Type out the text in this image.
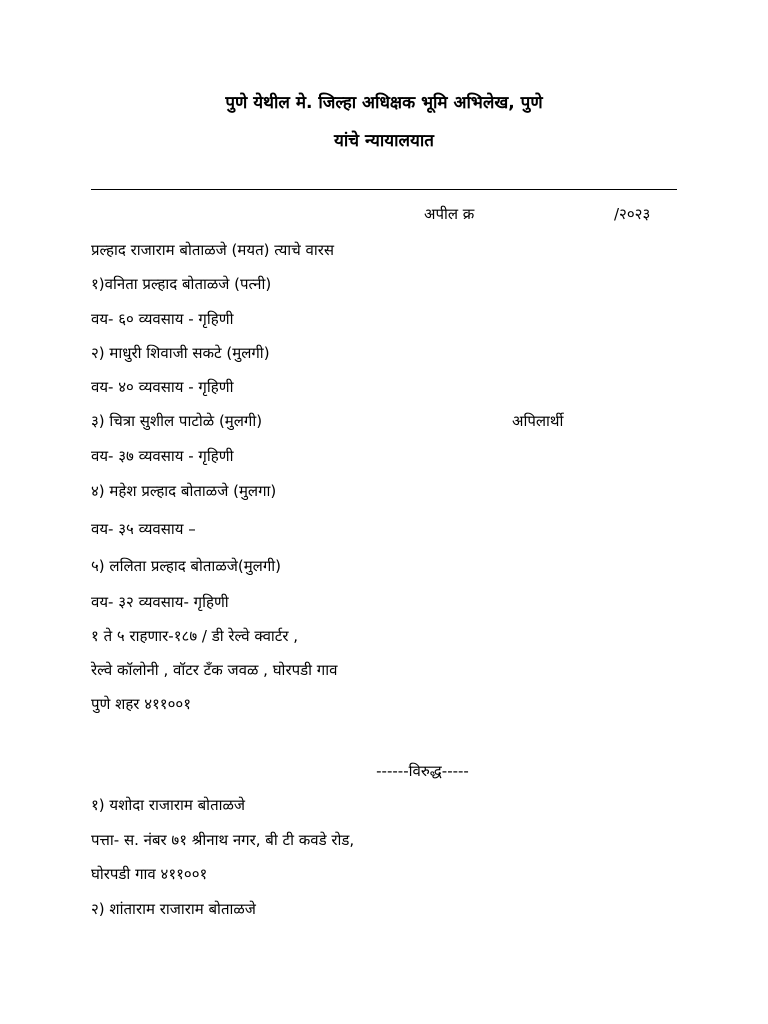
पुणे येथील मे. जिल्हा अधिक्षक भूमि अभिलेख, पुणे
यांचे न्यायालयात
अपील क्र	/२०२३
प्रल्हाद राजाराम बोताळजे (मयत) त्याचे वारस
१)वनिता प्रल्हाद बोताळजे (पत्नी)
वय- ६० व्यवसाय - गृहिणी
२) माधुरी शिवाजी सकटे (मुलगी)
वय- ४० व्यवसाय - गृहिणी
३) चित्रा सुशील पाटोळे (मुलगी)	अपिलार्थी
वय- ३७ व्यवसाय - गृहिणी
४) महेश प्रल्हाद बोताळजे (मुलगा)
वय- ३५ व्यवसाय –
५) ललिता प्रल्हाद बोताळजे(मुलगी)
वय- ३२ व्यवसाय- गृहिणी
१ ते ५ राहणार-१८७ / डी रेल्वे क्वार्टर ,
रेल्वे कॉलोनी , वॉटर टँक जवळ , घोरपडी गाव
पुणे शहर ४११००१
------विरुद्ध-----
१) यशोदा राजाराम बोताळजे
पत्ता- स. नंबर ७१ श्रीनाथ नगर, बी टी कवडे रोड,
घोरपडी गाव ४११००१
२) शांताराम राजाराम बोताळजे
